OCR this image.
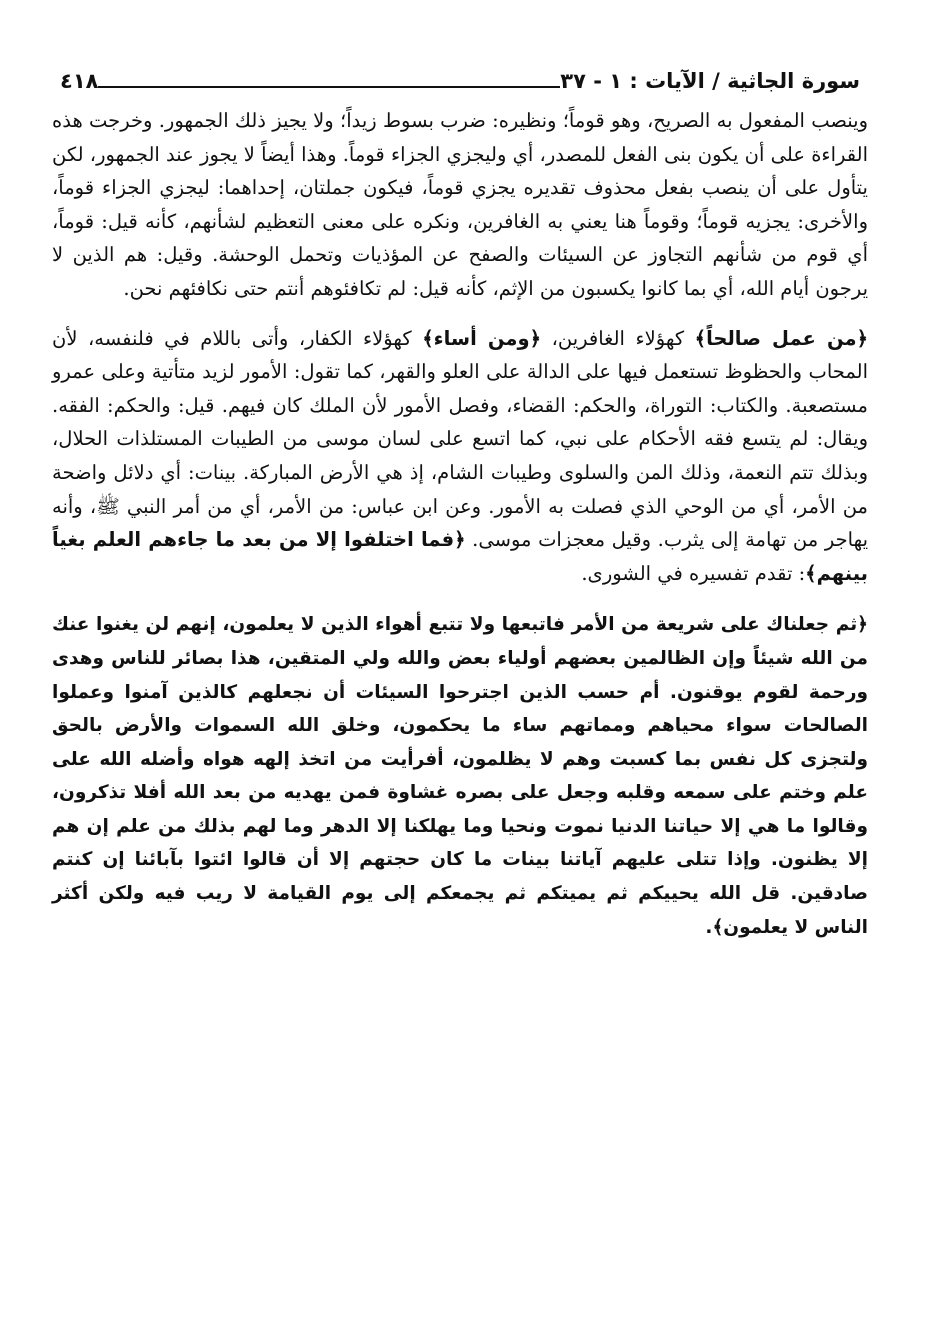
سورة الجاثية / الآيات : ١ - ٣٧
٤١٨

وينصب المفعول به الصريح، وهو قوماً؛ ونظيره: ضرب بسوط زيداً؛ ولا يجيز ذلك الجمهور. وخرجت هذه القراءة على أن يكون بنى الفعل للمصدر، أي وليجزي الجزاء قوماً. وهذا أيضاً لا يجوز عند الجمهور، لكن يتأول على أن ينصب بفعل محذوف تقديره يجزي قوماً، فيكون جملتان، إحداهما: ليجزي الجزاء قوماً، والأخرى: يجزيه قوماً؛ وقوماً هنا يعني به الغافرين، ونكره على معنى التعظيم لشأنهم، كأنه قيل: قوماً، أي قوم من شأنهم التجاوز عن السيئات والصفح عن المؤذيات وتحمل الوحشة. وقيل: هم الذين لا يرجون أيام الله، أي بما كانوا يكسبون من الإثم، كأنه قيل: لم تكافئوهم أنتم حتى نكافئهم نحن.

﴿من عمل صالحاً﴾ كهؤلاء الغافرين، ﴿ومن أساء﴾ كهؤلاء الكفار، وأتى باللام في فلنفسه، لأن المحاب والحظوظ تستعمل فيها على الدالة على العلو والقهر، كما تقول: الأمور لزيد متأتية وعلى عمرو مستصعبة. والكتاب: التوراة، والحكم: القضاء، وفصل الأمور لأن الملك كان فيهم. قيل: والحكم: الفقه. ويقال: لم يتسع فقه الأحكام على نبي، كما اتسع على لسان موسى من الطيبات المستلذات الحلال، وبذلك تتم النعمة، وذلك المن والسلوى وطيبات الشام، إذ هي الأرض المباركة. بينات: أي دلائل واضحة من الأمر، أي من الوحي الذي فصلت به الأمور. وعن ابن عباس: من الأمر، أي من أمر النبي ﷺ، وأنه يهاجر من تهامة إلى يثرب. وقيل معجزات موسى. ﴿فما اختلفوا إلا من بعد ما جاءهم العلم بغياً بينهم﴾: تقدم تفسيره في الشورى.

﴿ثم جعلناك على شريعة من الأمر فاتبعها ولا تتبع أهواء الذين لا يعلمون، إنهم لن يغنوا عنك من الله شيئاً وإن الظالمين بعضهم أولياء بعض والله ولي المتقين، هذا بصائر للناس وهدى ورحمة لقوم يوقنون. أم حسب الذين اجترحوا السيئات أن نجعلهم كالذين آمنوا وعملوا الصالحات سواء محياهم ومماتهم ساء ما يحكمون، وخلق الله السموات والأرض بالحق ولتجزى كل نفس بما كسبت وهم لا يظلمون، أفرأيت من اتخذ إلهه هواه وأضله الله على علم وختم على سمعه وقلبه وجعل على بصره غشاوة فمن يهديه من بعد الله أفلا تذكرون، وقالوا ما هي إلا حياتنا الدنيا نموت ونحيا وما يهلكنا إلا الدهر وما لهم بذلك من علم إن هم إلا يظنون. وإذا تتلى عليهم آياتنا بينات ما كان حجتهم إلا أن قالوا ائتوا بآبائنا إن كنتم صادقين. قل الله يحييكم ثم يميتكم ثم يجمعكم إلى يوم القيامة لا ريب فيه ولكن أكثر الناس لا يعلمون﴾.
